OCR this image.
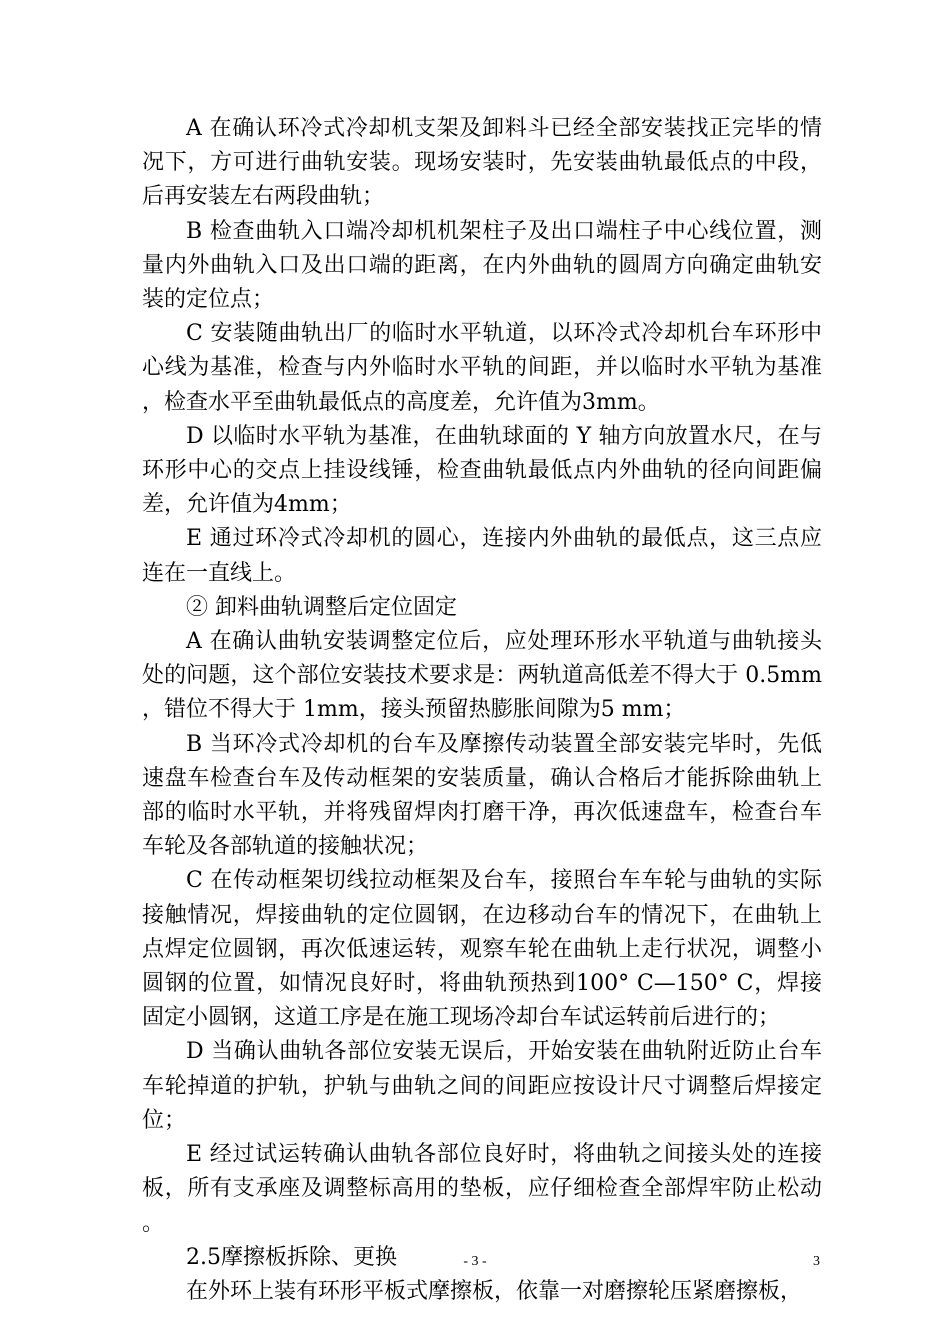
A 在确认环冷式冷却机支架及卸料斗已经全部安装找正完毕的情况下，方可进行曲轨安装。现场安装时，先安装曲轨最低点的中段，后再安装左右两段曲轨；

B 检查曲轨入口端冷却机机架柱子及出口端柱子中心线位置，测量内外曲轨入口及出口端的距离，在内外曲轨的圆周方向确定曲轨安装的定位点；

C 安装随曲轨出厂的临时水平轨道，以环冷式冷却机台车环形中心线为基准，检查与内外临时水平轨的间距，并以临时水平轨为基准，检查水平至曲轨最低点的高度差，允许值为3mm。

D 以临时水平轨为基准，在曲轨球面的 Y 轴方向放置水尺，在与环形中心的交点上挂设线锤，检查曲轨最低点内外曲轨的径向间距偏差，允许值为4mm；

E 通过环冷式冷却机的圆心，连接内外曲轨的最低点，这三点应连在一直线上。

② 卸料曲轨调整后定位固定

A 在确认曲轨安装调整定位后，应处理环形水平轨道与曲轨接头处的问题，这个部位安装技术要求是：两轨道高低差不得大于 0.5mm，错位不得大于 1mm，接头预留热膨胀间隙为5 mm；

B 当环冷式冷却机的台车及摩擦传动装置全部安装完毕时，先低速盘车检查台车及传动框架的安装质量，确认合格后才能拆除曲轨上部的临时水平轨，并将残留焊肉打磨干净，再次低速盘车，检查台车车轮及各部轨道的接触状况；

C 在传动框架切线拉动框架及台车，接照台车车轮与曲轨的实际接触情况，焊接曲轨的定位圆钢，在边移动台车的情况下，在曲轨上点焊定位圆钢，再次低速运转，观察车轮在曲轨上走行状况，调整小圆钢的位置，如情况良好时，将曲轨预热到100° C—150° C，焊接固定小圆钢，这道工序是在施工现场冷却台车试运转前后进行的；

D 当确认曲轨各部位安装无误后，开始安装在曲轨附近防止台车车轮掉道的护轨，护轨与曲轨之间的间距应按设计尺寸调整后焊接定位；

E 经过试运转确认曲轨各部位良好时，将曲轨之间接头处的连接板，所有支承座及调整标高用的垫板，应仔细检查全部焊牢防止松动。

2.5摩擦板拆除、更换

在外环上装有环形平板式摩擦板，依靠一对磨擦轮压紧磨擦板，

- 3 -	3
